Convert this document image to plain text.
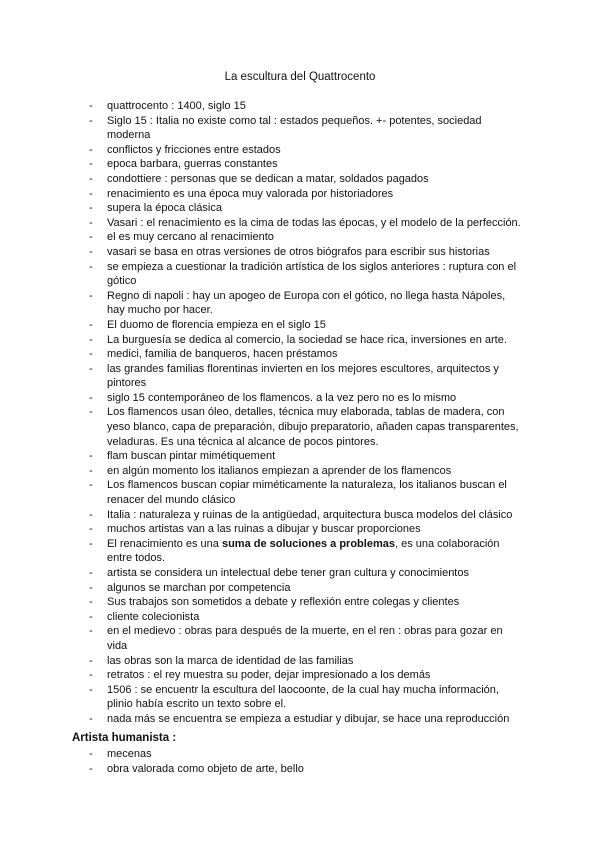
La escultura del Quattrocento
-	quattrocento : 1400, siglo 15
-	Siglo 15 : Italia no existe como tal : estados pequeños. +- potentes, sociedad
moderna
-	conflictos y fricciones entre estados
-	epoca barbara, guerras constantes
-	condottiere : personas que se dedican a matar, soldados pagados
-	renacimiento es una época muy valorada por historiadores
-	supera la época clásica
-	Vasari : el renacimiento es la cima de todas las épocas, y el modelo de la perfección.
-	el es muy cercano al renacimiento
-	vasari se basa en otras versiones de otros biógrafos para escribir sus historias
-	se empieza a cuestionar la tradición artística de los siglos anteriores : ruptura con el
gótico
-	Regno di napoli : hay un apogeo de Europa con el gótico, no llega hasta Nápoles,
hay mucho por hacer.
-	El duomo de florencia empieza en el siglo 15
-	La burguesía se dedica al comercio, la sociedad se hace rica, inversiones en arte.
-	medici, familia de banqueros, hacen préstamos
-	las grandes familias florentinas invierten en los mejores escultores, arquitectos y
pintores
-	siglo 15 contemporáneo de los flamencos. a la vez pero no es lo mismo
-	Los flamencos usan óleo, detalles, técnica muy elaborada, tablas de madera, con
yeso blanco, capa de preparación, dibujo preparatorio, añaden capas transparentes,
veladuras. Es una técnica al alcance de pocos pintores.
-	flam buscan pintar mimétiquement
-	en algún momento los italianos empiezan a aprender de los flamencos
-	Los flamencos buscan copiar miméticamente la naturaleza, los italianos buscan el
renacer del mundo clásico
-	Italia : naturaleza y ruinas de la antigüedad, arquitectura busca modelos del clásico
-	muchos artistas van a las ruinas a dibujar y buscar proporciones
-	El renacimiento es una suma de soluciones a problemas, es una colaboración
entre todos.
-	artista se considera un intelectual debe tener gran cultura y conocimientos
-	algunos se marchan por competencia
-	Sus trabajos son sometidos a debate y reflexión entre colegas y clientes
-	cliente colecionista
-	en el medievo : obras para después de la muerte, en el ren : obras para gozar en
vida
-	las obras son la marca de identidad de las familias
-	retratos : el rey muestra su poder, dejar impresionado a los demás
-	1506 : se encuentr la escultura del laocoonte, de la cual hay mucha información,
plinio había escrito un texto sobre el.
-	nada más se encuentra se empieza a estudiar y dibujar, se hace una reproducción
Artista humanista :
-	mecenas
-	obra valorada como objeto de arte, bello
